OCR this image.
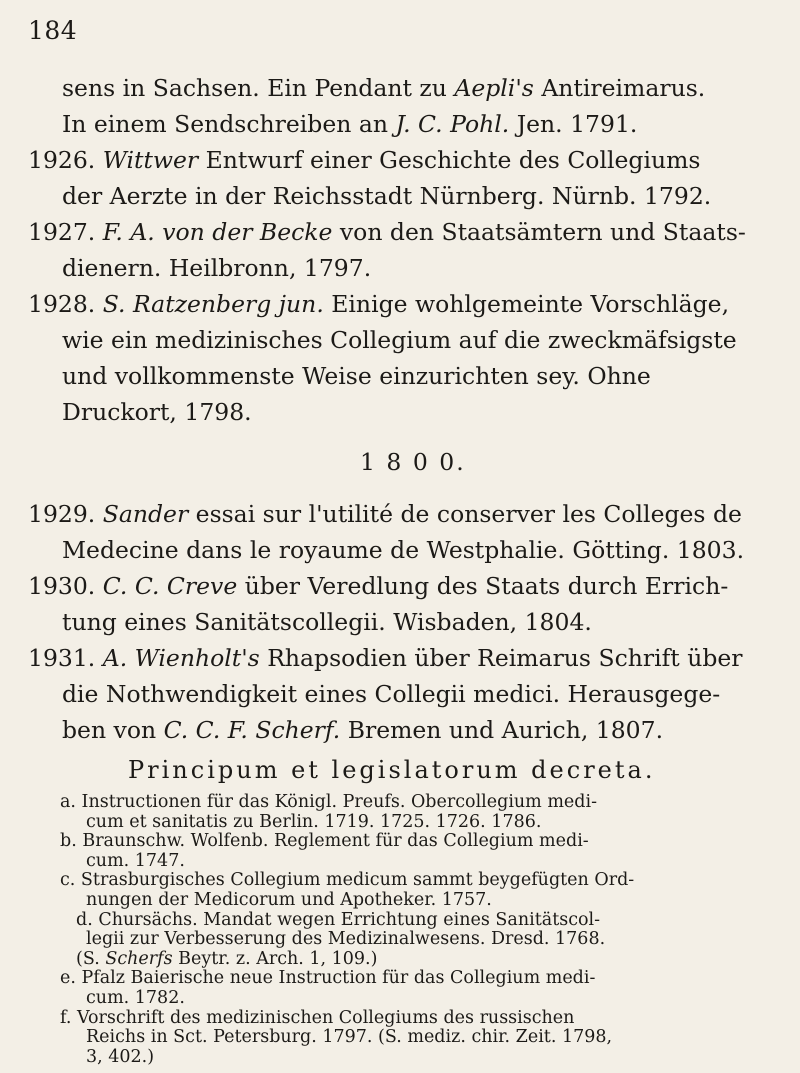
184
sens in Sachsen. Ein Pendant zu Aepli's Antireimarus.
In einem Sendschreiben an J. C. Pohl. Jen. 1791.
1926. Wittwer Entwurf einer Geschichte des Collegiums
der Aerzte in der Reichsstadt Nürnberg. Nürnb. 1792.
1927. F. A. von der Becke von den Staatsämtern und Staats-
dienern. Heilbronn, 1797.
1928. S. Ratzenberg jun. Einige wohlgemeinte Vorschläge,
wie ein medizinisches Collegium auf die zweckmäfsigste
und vollkommenste Weise einzurichten sey. Ohne
Druckort, 1798.
1 8 0 0.
1929. Sander essai sur l'utilité de conserver les Colleges de
Medecine dans le royaume de Westphalie. Götting. 1803.
1930. C. C. Creve über Veredlung des Staats durch Errich-
tung eines Sanitätscollegii. Wisbaden, 1804.
1931. A. Wienholt's Rhapsodien über Reimarus Schrift über
die Nothwendigkeit eines Collegii medici. Herausgege-
ben von C. C. F. Scherf. Bremen und Aurich, 1807.
Principum et legislatorum decreta.
a. Instructionen für das Königl. Preufs. Obercollegium medi-
cum et sanitatis zu Berlin. 1719. 1725. 1726. 1786.
b. Braunschw. Wolfenb. Reglement für das Collegium medi-
cum. 1747.
c. Strasburgisches Collegium medicum sammt beygefügten Ord-
nungen der Medicorum und Apotheker. 1757.
d. Chursächs. Mandat wegen Errichtung eines Sanitätscol-
legii zur Verbesserung des Medizinalwesens. Dresd. 1768.
(S. Scherfs Beytr. z. Arch. 1, 109.)
e. Pfalz Baierische neue Instruction für das Collegium medi-
cum. 1782.
f. Vorschrift des medizinischen Collegiums des russischen
Reichs in Sct. Petersburg. 1797. (S. mediz. chir. Zeit. 1798,
3, 402.)
